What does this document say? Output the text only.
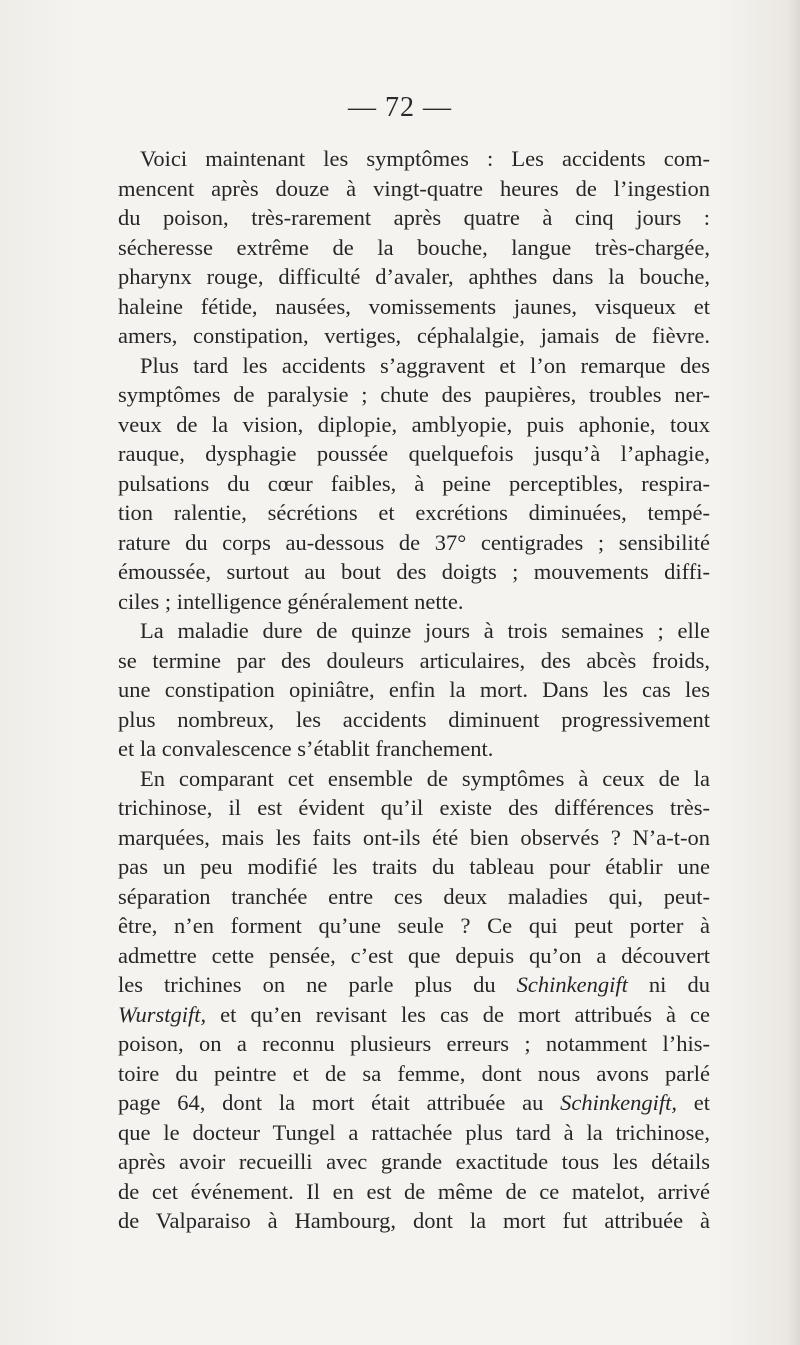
— 72 —
Voici maintenant les symptômes : Les accidents com-
mencent après douze à vingt-quatre heures de l’ingestion
du poison, très-rarement après quatre à cinq jours :
sécheresse extrême de la bouche, langue très-chargée,
pharynx rouge, difficulté d’avaler, aphthes dans la bouche,
haleine fétide, nausées, vomissements jaunes, visqueux et
amers, constipation, vertiges, céphalalgie, jamais de fièvre.
Plus tard les accidents s’aggravent et l’on remarque des
symptômes de paralysie ; chute des paupières, troubles ner-
veux de la vision, diplopie, amblyopie, puis aphonie, toux
rauque, dysphagie poussée quelquefois jusqu’à l’aphagie,
pulsations du cœur faibles, à peine perceptibles, respira-
tion ralentie, sécrétions et excrétions diminuées, tempé-
rature du corps au-dessous de 37° centigrades ; sensibilité
émoussée, surtout au bout des doigts ; mouvements diffi-
ciles ; intelligence généralement nette.
La maladie dure de quinze jours à trois semaines ; elle
se termine par des douleurs articulaires, des abcès froids,
une constipation opiniâtre, enfin la mort. Dans les cas les
plus nombreux, les accidents diminuent progressivement
et la convalescence s’établit franchement.
En comparant cet ensemble de symptômes à ceux de la
trichinose, il est évident qu’il existe des différences très-
marquées, mais les faits ont-ils été bien observés ? N’a-t-on
pas un peu modifié les traits du tableau pour établir une
séparation tranchée entre ces deux maladies qui, peut-
être, n’en forment qu’une seule ? Ce qui peut porter à
admettre cette pensée, c’est que depuis qu’on a découvert
les trichines on ne parle plus du Schinkengift ni du
Wurstgift, et qu’en revisant les cas de mort attribués à ce
poison, on a reconnu plusieurs erreurs ; notamment l’his-
toire du peintre et de sa femme, dont nous avons parlé
page 64, dont la mort était attribuée au Schinkengift, et
que le docteur Tungel a rattachée plus tard à la trichinose,
après avoir recueilli avec grande exactitude tous les détails
de cet événement. Il en est de même de ce matelot, arrivé
de Valparaiso à Hambourg, dont la mort fut attribuée à
